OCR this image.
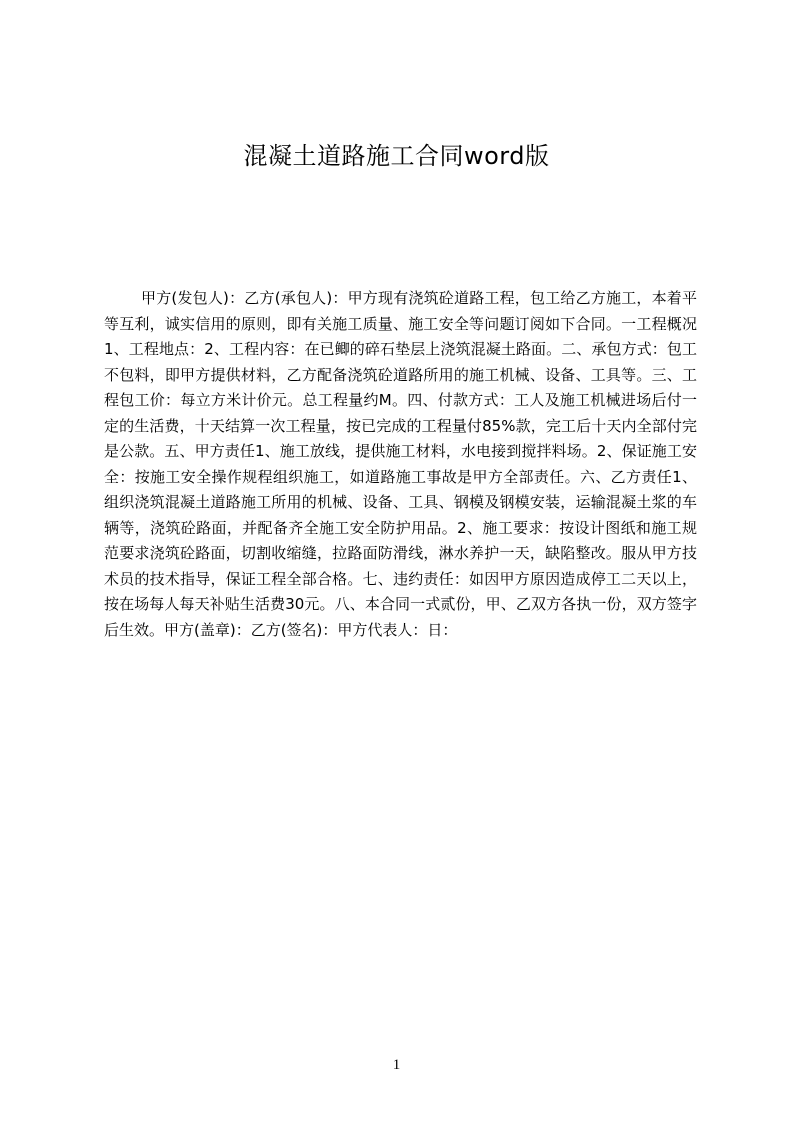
混凝土道路施工合同word版

甲方(发包人)：乙方(承包人)：甲方现有浇筑砼道路工程，包工给乙方施工，本着平等互利，诚实信用的原则，即有关施工质量、施工安全等问题订阅如下合同。一工程概况1、工程地点：2、工程内容：在已鲫的碎石垫层上浇筑混凝土路面。二、承包方式：包工不包料，即甲方提供材料，乙方配备浇筑砼道路所用的施工机械、设备、工具等。三、工程包工价：每立方米计价元。总工程量约M。四、付款方式：工人及施工机械进场后付一定的生活费，十天结算一次工程量，按已完成的工程量付85%款，完工后十天内全部付完是公款。五、甲方责任1、施工放线，提供施工材料，水电接到搅拌料场。2、保证施工安全：按施工安全操作规程组织施工，如道路施工事故是甲方全部责任。六、乙方责任1、组织浇筑混凝土道路施工所用的机械、设备、工具、钢模及钢模安装，运输混凝土浆的车辆等，浇筑砼路面，并配备齐全施工安全防护用品。2、施工要求：按设计图纸和施工规范要求浇筑砼路面，切割收缩缝，拉路面防滑线，淋水养护一天，缺陷整改。服从甲方技术员的技术指导，保证工程全部合格。七、违约责任：如因甲方原因造成停工二天以上，按在场每人每天补贴生活费30元。八、本合同一式贰份，甲、乙双方各执一份，双方签字后生效。甲方(盖章)：乙方(签名)：甲方代表人：日：

1
